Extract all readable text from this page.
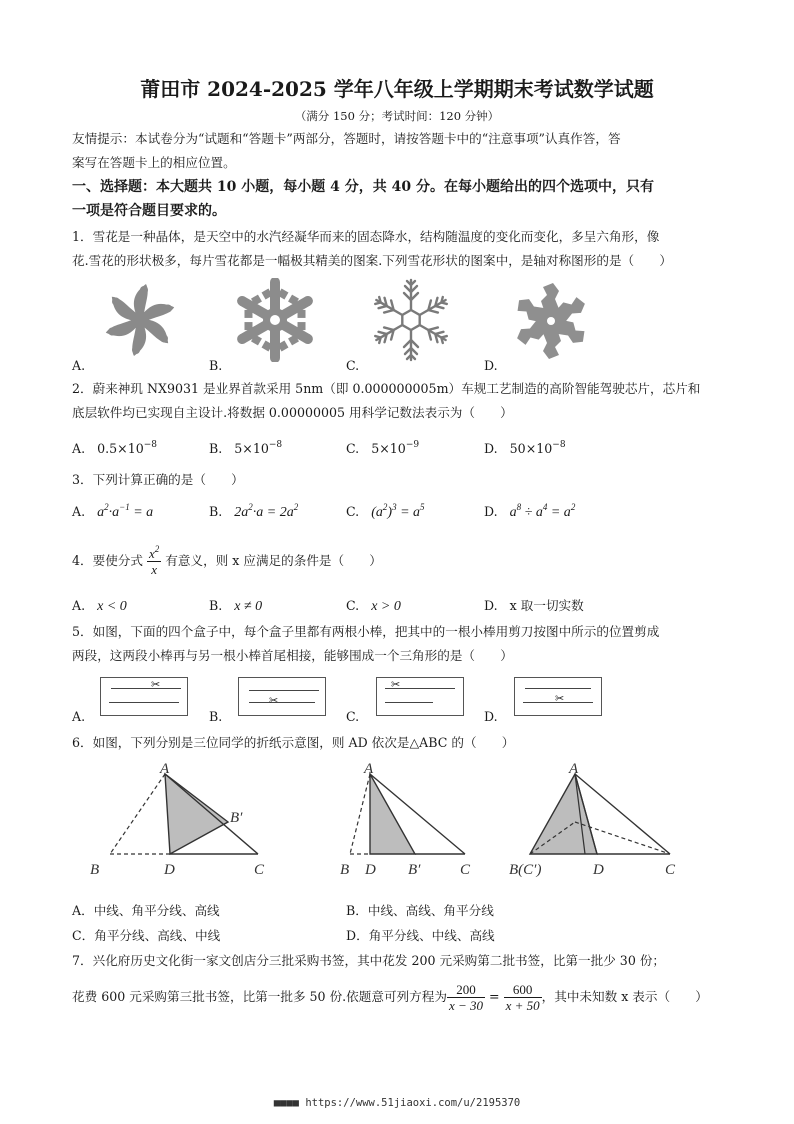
莆田市 2024-2025 学年八年级上学期期末考试数学试题
（满分 150 分；考试时间：120 分钟）
友情提示：本试卷分为“试题和“答题卡”两部分，答题时，请按答题卡中的“注意事项”认真作答，答
案写在答题卡上的相应位置。
一、选择题：本大题共 10 小题，每小题 4 分，共 40 分。在每小题给出的四个选项中，只有
一项是符合题目要求的。
1．雪花是一种晶体，是天空中的水汽经凝华而来的固态降水，结构随温度的变化而变化，多呈六角形，像
花.雪花的形状极多，每片雪花都是一幅极其精美的图案.下列雪花形状的图案中，是轴对称图形的是（　　）
A.	B.	C.	D.
2．蔚来神玑 NX9031 是业界首款采用 5nm（即 0.000000005m）车规工艺制造的高阶智能驾驶芯片，芯片和
底层软件均已实现自主设计.将数据 0.00000005 用科学记数法表示为（　　）
A. $0.5\times 10^{-8}$	B. $5\times 10^{-8}$	C. $5\times 10^{-9}$	D. $50\times 10^{-8}$
3．下列计算正确的是（　　）
A. $a^2\cdot a^{-1} = a$	B. $2a^2\cdot a = 2a^2$	C. $(a^2)^3 = a^5$	D. $a^8 \div a^4 = a^2$
4．要使分式 $\frac{x^2}{x}$ 有意义，则 x 应满足的条件是（　　）
A. x < 0	B. x ≠ 0	C. x > 0	D. x 取一切实数
5．如图，下面的四个盒子中，每个盒子里都有两根小棒，把其中的一根小棒用剪刀按图中所示的位置剪成
两段，这两段小棒再与另一根小棒首尾相接，能够围成一个三角形的是（　　）
✂
✂
✂
✂
A.	B.	C.	D.
6．如图，下列分别是三位同学的折纸示意图，则 AD 依次是△ABC 的（　　）
A
B′
B	D	C
A
B D B′	C
A
B(C′)	D	C
A．中线、角平分线、高线	B．中线、高线、角平分线
C．角平分线、高线、中线	D．角平分线、中线、高线
7．兴化府历史文化街一家文创店分三批采购书签，其中花发 200 元采购第二批书签，比第一批少 30 份；
花费 600 元采购第三批书签，比第一批多 50 份.依题意可列方程为 $\frac{200}{x - 30} = \frac{600}{x + 50}$ ，其中未知数 x 表示（　　）
■■■■ https://www.51jiaoxi.com/u/2195370
